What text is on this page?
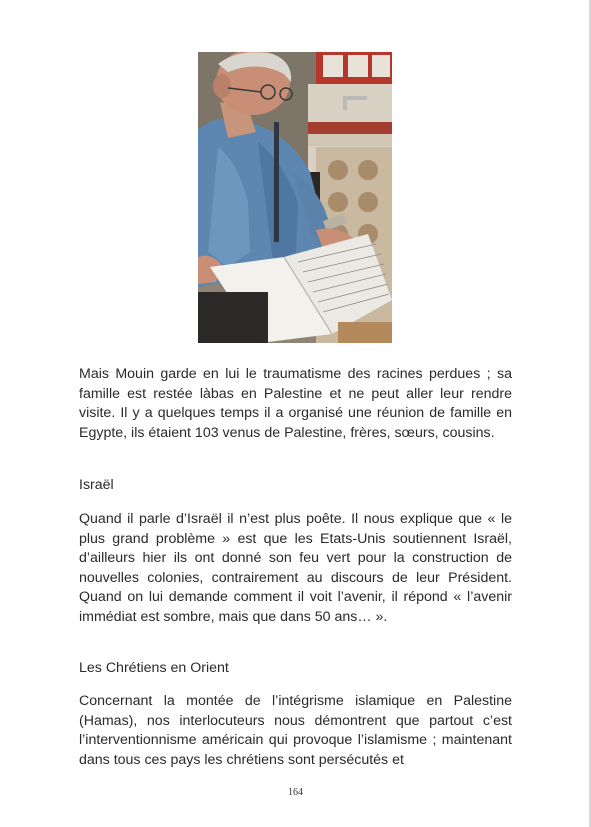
Mais Mouin garde en lui le traumatisme des racines perdues ; sa famille est restée làbas en Palestine et ne peut aller leur rendre visite. Il y a quelques temps il a organisé une réunion de famille en Egypte, ils étaient 103 venus de Palestine, frères, sœurs, cousins.
Israël
Quand il parle d’Israël il n’est plus poête. Il nous explique que « le plus grand problème » est que les Etats-Unis soutiennent Israël, d’ailleurs hier ils ont donné son feu vert pour la construction de nouvelles colonies, contrairement au discours de leur Président. Quand on lui demande comment il voit l’avenir, il répond « l’avenir immédiat est sombre, mais que dans 50 ans… ».
Les Chrétiens en Orient
Concernant la montée de l’intégrisme islamique en Palestine (Hamas), nos interlocuteurs nous démontrent que partout c’est l’interventionnisme américain qui provoque l’islamisme ; maintenant dans tous ces pays les chrétiens sont persécutés et
164
